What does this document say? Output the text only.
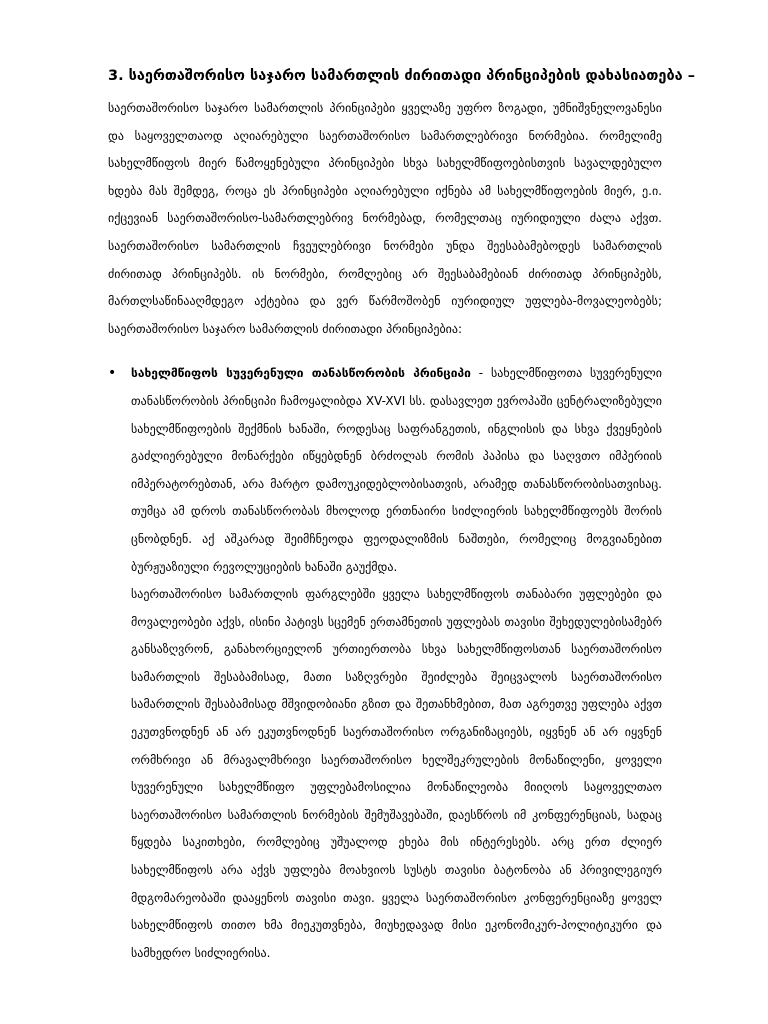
3. საერთაშორისო საჯარო სამართლის ძირითადი პრინციპების დახასიათება –

საერთაშორისო საჯარო სამართლის პრინციპები ყველაზე უფრო ზოგადი, უმნიშვნელოვანესი და საყოველთაოდ აღიარებული საერთაშორისო სამართლებრივი ნორმებია. რომელიმე სახელმწიფოს მიერ წამოყენებული პრინციპები სხვა სახელმწიფოებისთვის სავალდებულო ხდება მას შემდეგ, როცა ეს პრინციპები აღიარებული იქნება ამ სახელმწიფოების მიერ, ე.ი. იქცევიან საერთაშორისო-სამართლებრივ ნორმებად, რომელთაც იურიდიული ძალა აქვთ. საერთაშორისო სამართლის ჩვეულებრივი ნორმები უნდა შეესაბამებოდეს სამართლის ძირითად პრინციპებს. ის ნორმები, რომლებიც არ შეესაბამებიან ძირითად პრინციპებს, მართლსაწინააღმდეგო აქტებია და ვერ წარმოშობენ იურიდიულ უფლება-მოვალეობებს; საერთაშორისო საჯარო სამართლის ძირითადი პრინციპებია:

• სახელმწიფოს სუვერენული თანასწორობის პრინციპი - სახელმწიფოთა სუვერენული თანასწორობის პრინციპი ჩამოყალიბდა XV-XVI სს. დასავლეთ ევროპაში ცენტრალიზებული სახელმწიფოების შექმნის ხანაში, როდესაც საფრანგეთის, ინგლისის და სხვა ქვეყნების გაძლიერებული მონარქები იწყებდნენ ბრძოლას რომის პაპისა და საღვთო იმპერიის იმპერატორებთან, არა მარტო დამოუკიდებლობისათვის, არამედ თანასწორობისათვისაც. თუმცა ამ დროს თანასწორობას მხოლოდ ერთნაირი სიძლიერის სახელმწიფოებს შორის ცნობდნენ. აქ აშკარად შეიმჩნეოდა ფეოდალიზმის ნაშთები, რომელიც მოგვიანებით ბურჟუაზიული რევოლუციების ხანაში გაუქმდა.

საერთაშორისო სამართლის ფარგლებში ყველა სახელმწიფოს თანაბარი უფლებები და მოვალეობები აქვს, ისინი პატივს სცემენ ერთამნეთის უფლებას თავისი შეხედულებისამებრ განსაზღვრონ, განახორციელონ ურთიერთობა სხვა სახელმწიფოსთან საერთაშორისო სამართლის შესაბამისად, მათი საზღვრები შეიძლება შეიცვალოს საერთაშორისო სამართლის შესაბამისად მშვიდობიანი გზით და შეთანხმებით, მათ აგრეთვე უფლება აქვთ ეკუთვნოდნენ ან არ ეკუთვნოდნენ საერთაშორისო ორგანიზაციებს, იყვნენ ან არ იყვნენ ორმხრივი ან მრავალმხრივი საერთაშორისო ხელშეკრულების მონაწილენი, ყოველი სუვერენული სახელმწიფო უფლებამოსილია მონაწილეობა მიიღოს საყოველთაო საერთაშორისო სამართლის ნორმების შემუშავებაში, დაესწროს იმ კონფერენციას, სადაც წყდება საკითხები, რომლებიც უშუალოდ ეხება მის ინტერესებს. არც ერთ ძლიერ სახელმწიფოს არა აქვს უფლება მოახვიოს სუსტს თავისი ბატონობა ან პრივილეგიურ მდგომარეობაში დააყენოს თავისი თავი. ყველა საერთაშორისო კონფერენციაზე ყოველ სახელმწიფოს თითო ხმა მიეკუთვნება, მიუხედავად მისი ეკონომიკურ-პოლიტიკური და სამხედრო სიძლიერისა.
